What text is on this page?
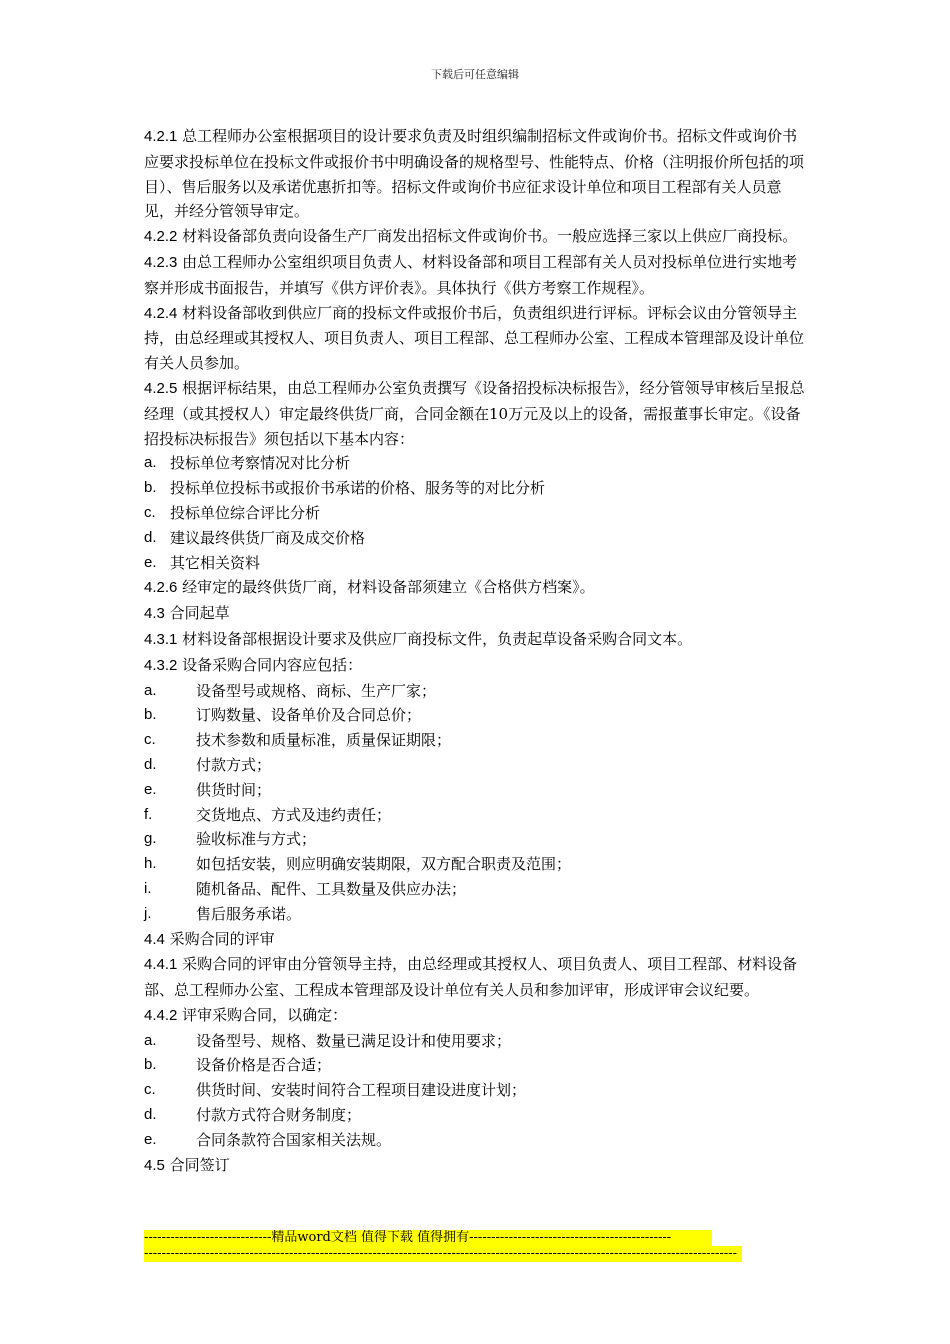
下载后可任意编辑

4.2.1 总工程师办公室根据项目的设计要求负责及时组织编制招标文件或询价书。招标文件或询价书应要求投标单位在投标文件或报价书中明确设备的规格型号、性能特点、价格（注明报价所包括的项目）、售后服务以及承诺优惠折扣等。招标文件或询价书应征求设计单位和项目工程部有关人员意见，并经分管领导审定。

4.2.2 材料设备部负责向设备生产厂商发出招标文件或询价书。一般应选择三家以上供应厂商投标。

4.2.3 由总工程师办公室组织项目负责人、材料设备部和项目工程部有关人员对投标单位进行实地考察并形成书面报告，并填写《供方评价表》。具体执行《供方考察工作规程》。

4.2.4 材料设备部收到供应厂商的投标文件或报价书后，负责组织进行评标。评标会议由分管领导主持，由总经理或其授权人、项目负责人、项目工程部、总工程师办公室、工程成本管理部及设计单位有关人员参加。

4.2.5 根据评标结果，由总工程师办公室负责撰写《设备招投标决标报告》，经分管领导审核后呈报总经理（或其授权人）审定最终供货厂商，合同金额在10万元及以上的设备，需报董事长审定。《设备招投标决标报告》须包括以下基本内容：

a. 投标单位考察情况对比分析
b. 投标单位投标书或报价书承诺的价格、服务等的对比分析
c. 投标单位综合评比分析
d. 建议最终供货厂商及成交价格
e. 其它相关资料

4.2.6 经审定的最终供货厂商，材料设备部须建立《合格供方档案》。

4.3 合同起草

4.3.1 材料设备部根据设计要求及供应厂商投标文件，负责起草设备采购合同文本。

4.3.2 设备采购合同内容应包括：

a.	设备型号或规格、商标、生产厂家；
b.	订购数量、设备单价及合同总价；
c.	技术参数和质量标准，质量保证期限；
d.	付款方式；
e.	供货时间；
f.	交货地点、方式及违约责任；
g.	验收标准与方式；
h.	如包括安装，则应明确安装期限，双方配合职责及范围；
i.	随机备品、配件、工具数量及供应办法；
j.	售后服务承诺。

4.4 采购合同的评审

4.4.1 采购合同的评审由分管领导主持，由总经理或其授权人、项目负责人、项目工程部、材料设备部、总工程师办公室、工程成本管理部及设计单位有关人员和参加评审，形成评审会议纪要。

4.4.2 评审采购合同，以确定：

a.	设备型号、规格、数量已满足设计和使用要求；
b.	设备价格是否合适；
c.	供货时间、安装时间符合工程项目建设进度计划；
d.	付款方式符合财务制度；
e.	合同条款符合国家相关法规。

4.5 合同签订

-----------------------------精品word文档 值得下载 值得拥有----------------------------------------------
---------------------------------------------------------------------------------------------------------------------------------------
